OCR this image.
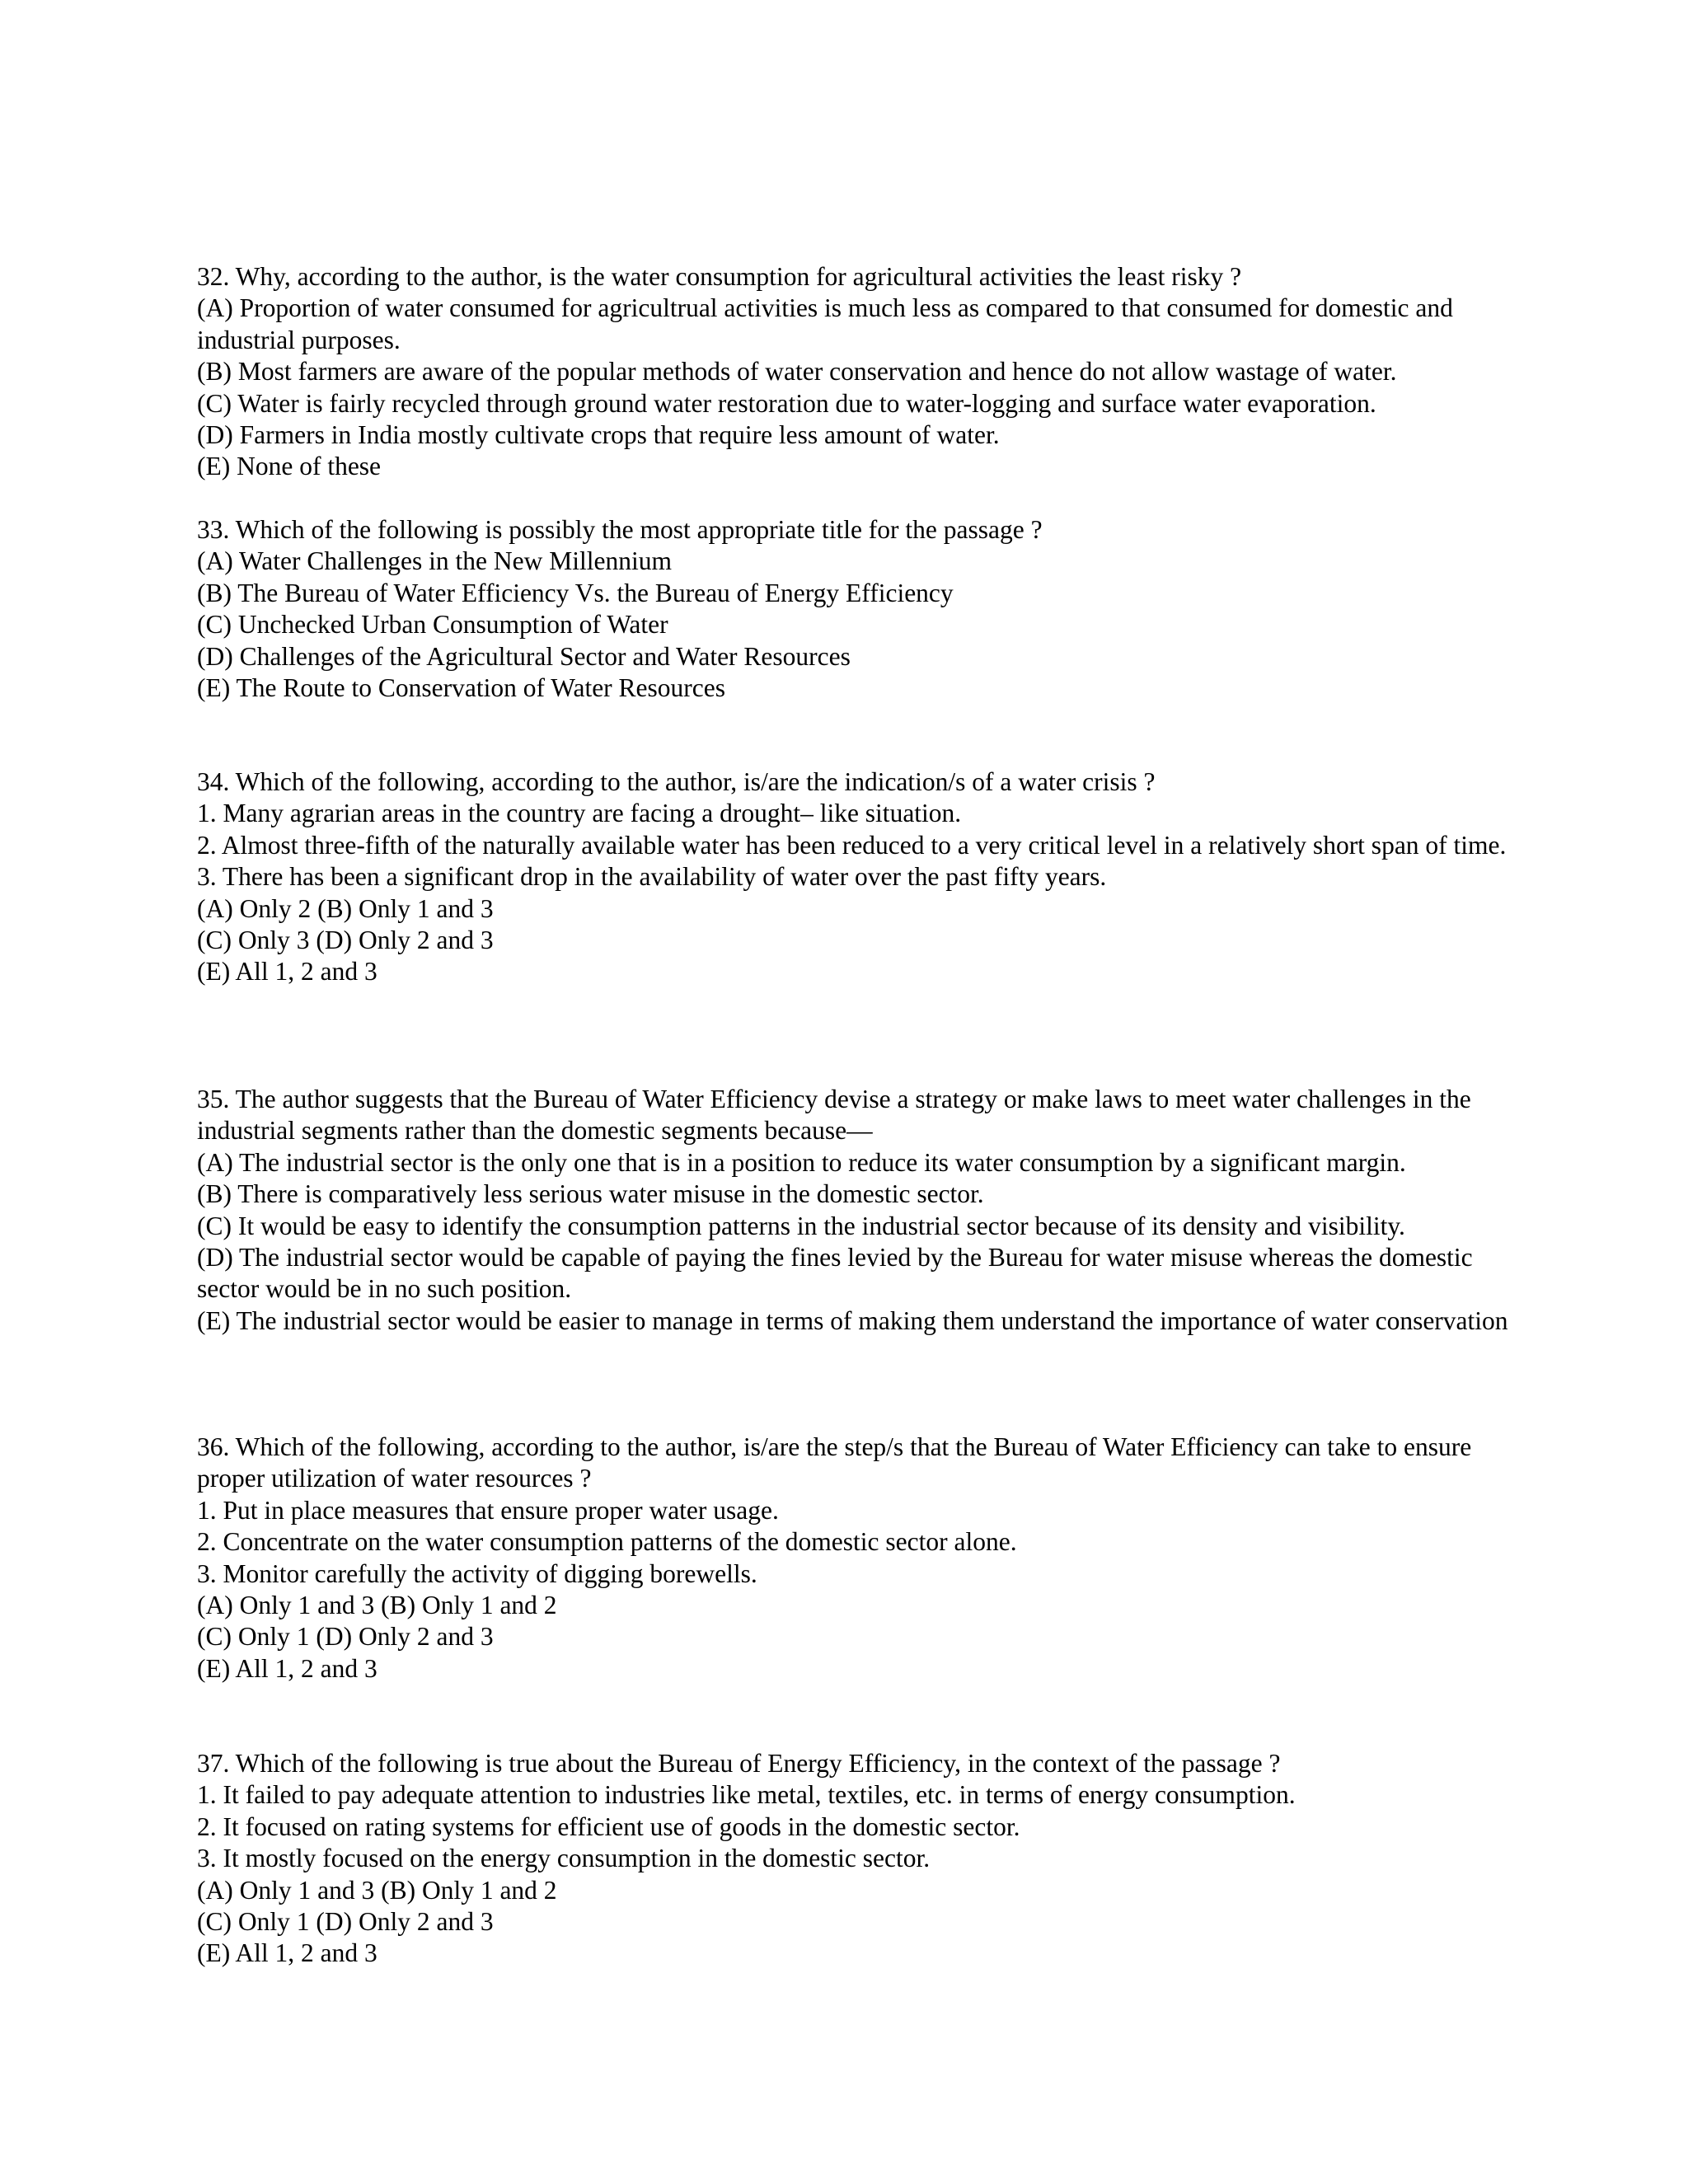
32. Why, according to the author, is the water consumption for agricultural activities the least risky ?
(A) Proportion of water consumed for agricultrual activities is much less as compared to that consumed for domestic and industrial purposes.
(B) Most farmers are aware of the popular methods of water conservation and hence do not allow wastage of water.
(C) Water is fairly recycled through ground water restoration due to water-logging and surface water evaporation.
(D) Farmers in India mostly cultivate crops that require less amount of water.
(E) None of these
33. Which of the following is possibly the most appropriate title for the passage ?
(A) Water Challenges in the New Millennium
(B) The Bureau of Water Efficiency Vs. the Bureau of Energy Efficiency
(C) Unchecked Urban Consumption of Water
(D) Challenges of the Agricultural Sector and Water Resources
(E) The Route to Conservation of Water Resources
34. Which of the following, according to the author, is/are the indication/s of a water crisis ?
1. Many agrarian areas in the country are facing a drought– like situation.
2. Almost three-fifth of the naturally available water has been reduced to a very critical level in a relatively short span of time.
3. There has been a significant drop in the availability of water over the past fifty years.
(A) Only 2 (B) Only 1 and 3
(C) Only 3 (D) Only 2 and 3
(E) All 1, 2 and 3
35. The author suggests that the Bureau of Water Efficiency devise a strategy or make laws to meet water challenges in the industrial segments rather than the domestic segments because—
(A) The industrial sector is the only one that is in a position to reduce its water consumption by a significant margin.
(B) There is comparatively less serious water misuse in the domestic sector.
(C) It would be easy to identify the consumption patterns in the industrial sector because of its density and visibility.
(D) The industrial sector would be capable of paying the fines levied by the Bureau for water misuse whereas the domestic sector would be in no such position.
(E) The industrial sector would be easier to manage in terms of making them understand the importance of water conservation
36. Which of the following, according to the author, is/are the step/s that the Bureau of Water Efficiency can take to ensure proper utilization of water resources ?
1. Put in place measures that ensure proper water usage.
2. Concentrate on the water consumption patterns of the domestic sector alone.
3. Monitor carefully the activity of digging borewells.
(A) Only 1 and 3 (B) Only 1 and 2
(C) Only 1 (D) Only 2 and 3
(E) All 1, 2 and 3
37. Which of the following is true about the Bureau of Energy Efficiency, in the context of the passage ?
1. It failed to pay adequate attention to industries like metal, textiles, etc. in terms of energy consumption.
2. It focused on rating systems for efficient use of goods in the domestic sector.
3. It mostly focused on the energy consumption in the domestic sector.
(A) Only 1 and 3 (B) Only 1 and 2
(C) Only 1 (D) Only 2 and 3
(E) All 1, 2 and 3
